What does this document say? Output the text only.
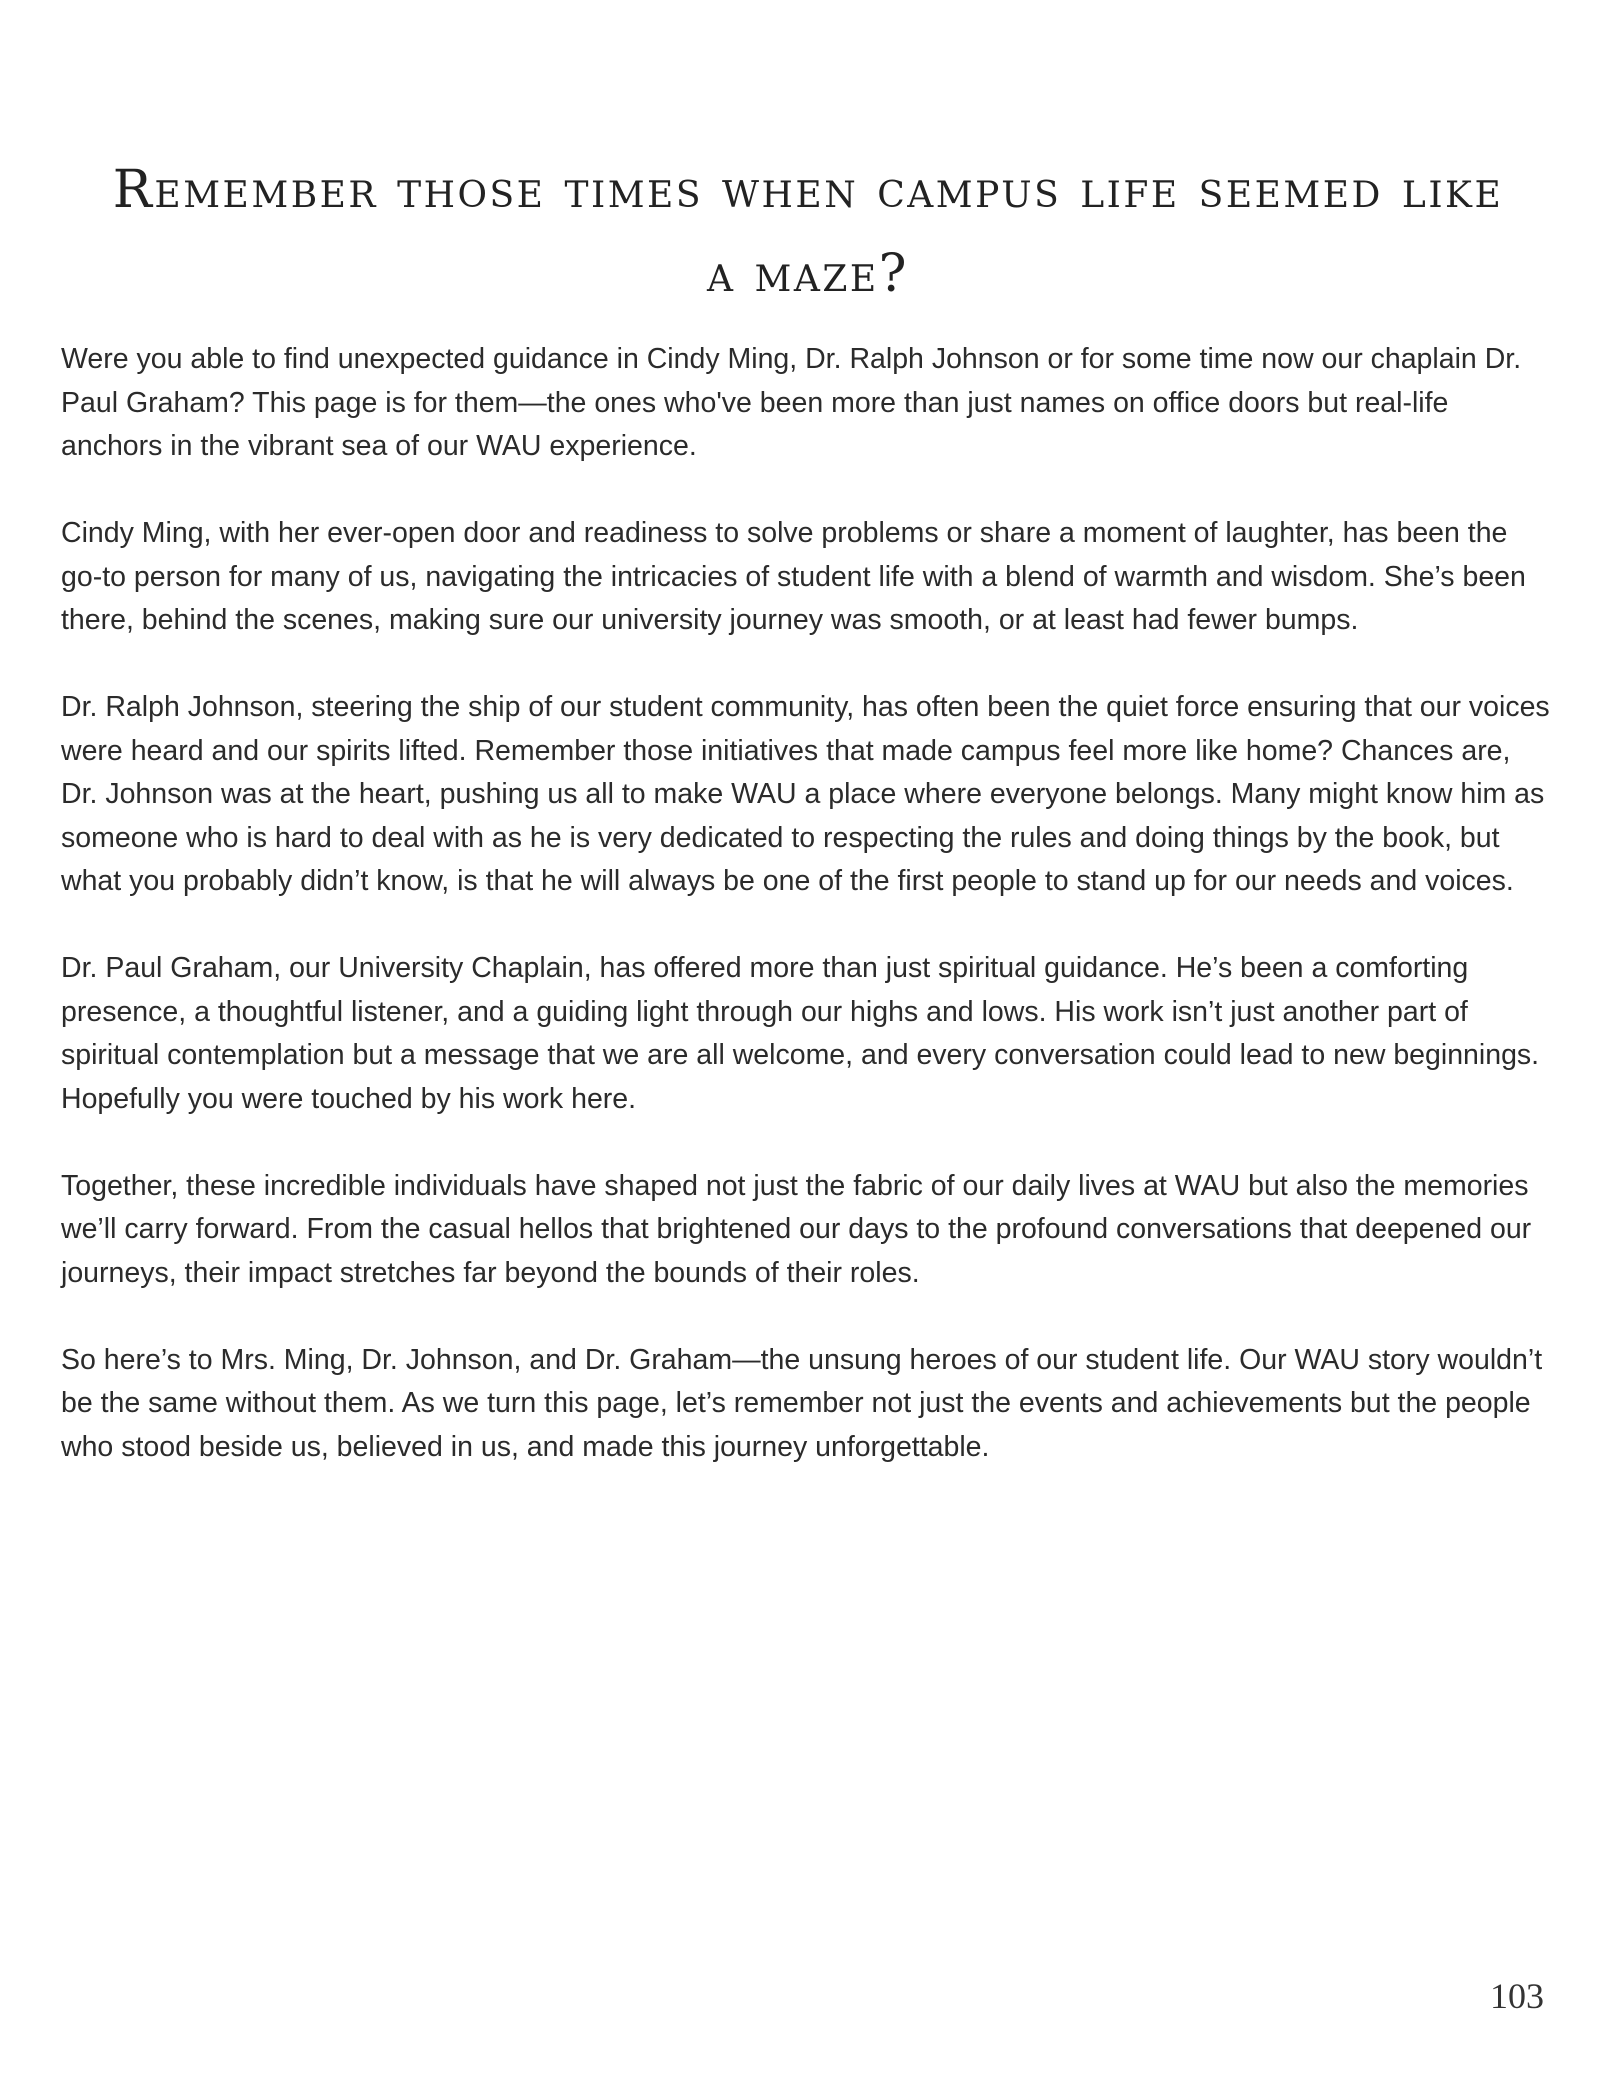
Remember those times when campus life seemed like a maze?

Were you able to find unexpected guidance in Cindy Ming, Dr. Ralph Johnson or for some time now our chaplain Dr. Paul Graham? This page is for them—the ones who've been more than just names on office doors but real-life anchors in the vibrant sea of our WAU experience.

Cindy Ming, with her ever-open door and readiness to solve problems or share a moment of laughter, has been the go-to person for many of us, navigating the intricacies of student life with a blend of warmth and wisdom. She’s been there, behind the scenes, making sure our university journey was smooth, or at least had fewer bumps.

Dr. Ralph Johnson, steering the ship of our student community, has often been the quiet force ensuring that our voices were heard and our spirits lifted. Remember those initiatives that made campus feel more like home? Chances are, Dr. Johnson was at the heart, pushing us all to make WAU a place where everyone belongs. Many might know him as someone who is hard to deal with as he is very dedicated to respecting the rules and doing things by the book, but what you probably didn’t know, is that he will always be one of the first people to stand up for our needs and voices.

Dr. Paul Graham, our University Chaplain, has offered more than just spiritual guidance. He’s been a comforting presence, a thoughtful listener, and a guiding light through our highs and lows. His work isn’t just another part of spiritual contemplation but a message that we are all welcome, and every conversation could lead to new beginnings. Hopefully you were touched by his work here.

Together, these incredible individuals have shaped not just the fabric of our daily lives at WAU but also the memories we’ll carry forward. From the casual hellos that brightened our days to the profound conversations that deepened our journeys, their impact stretches far beyond the bounds of their roles.

So here’s to Mrs. Ming, Dr. Johnson, and Dr. Graham—the unsung heroes of our student life. Our WAU story wouldn’t be the same without them. As we turn this page, let’s remember not just the events and achievements but the people who stood beside us, believed in us, and made this journey unforgettable.

103
